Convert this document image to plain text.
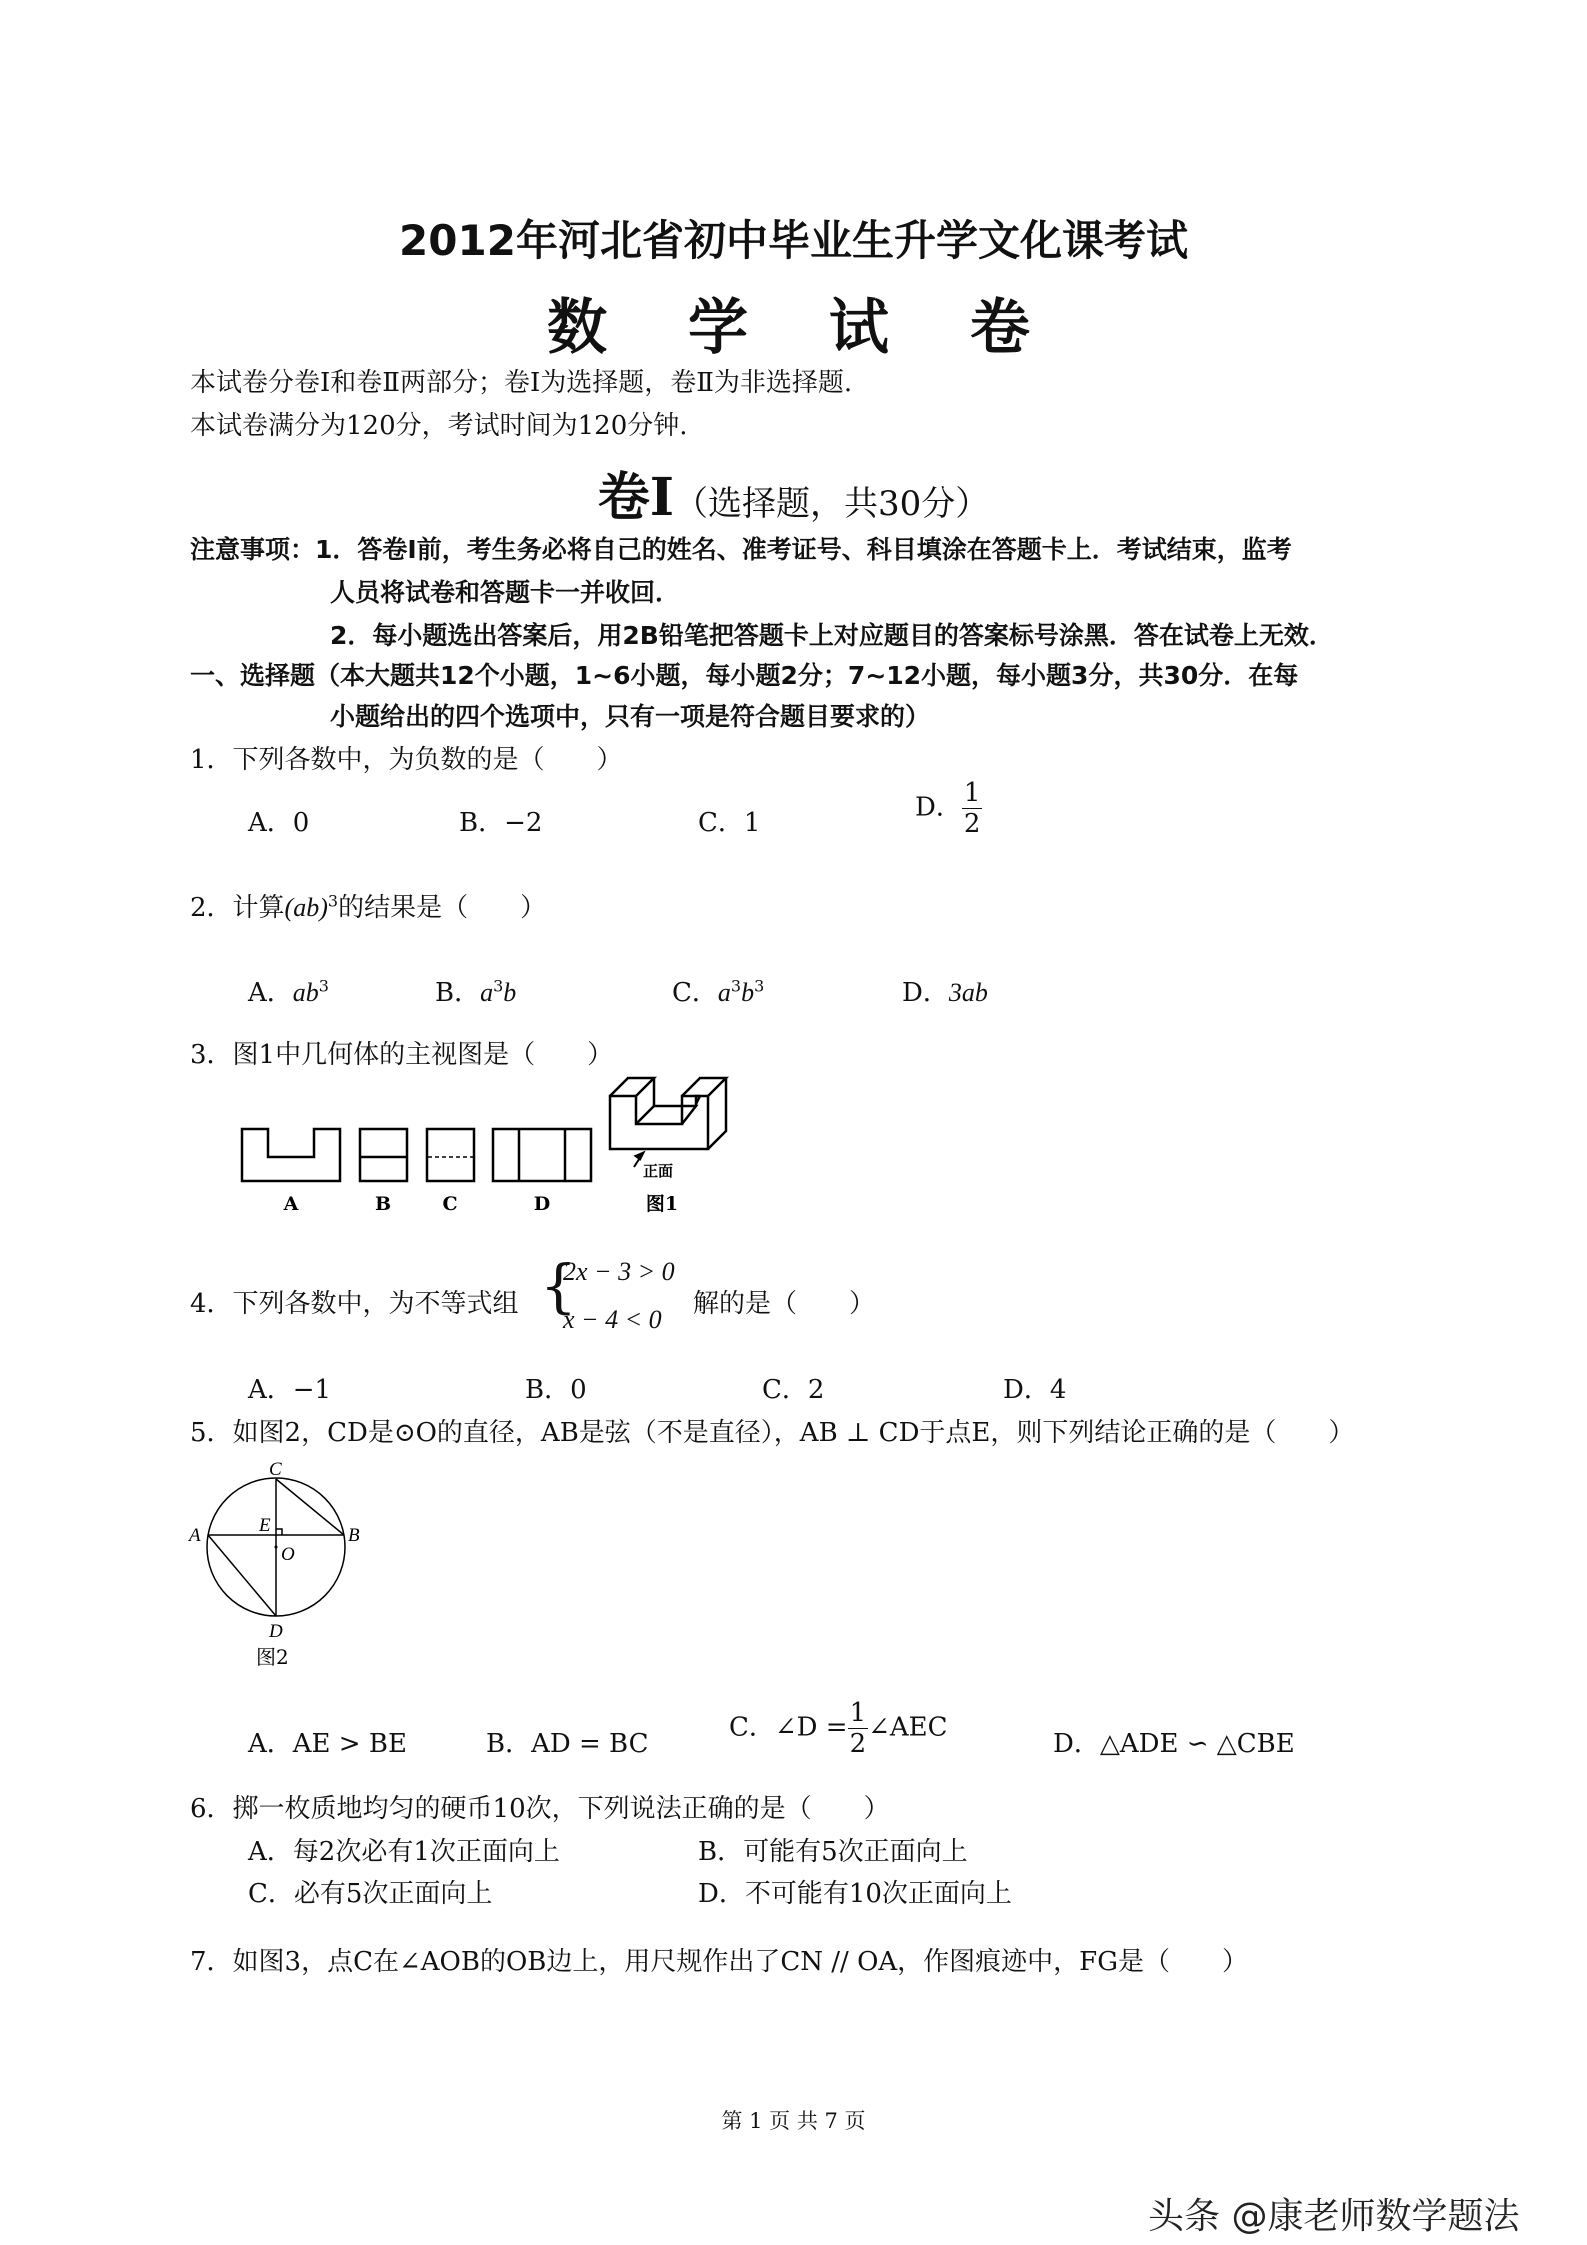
2012年河北省初中毕业生升学文化课考试
数 学 试 卷
本试卷分卷Ⅰ和卷Ⅱ两部分；卷Ⅰ为选择题，卷Ⅱ为非选择题.
本试卷满分为120分，考试时间为120分钟.
卷Ⅰ（选择题，共30分）
注意事项：1．答卷Ⅰ前，考生务必将自己的姓名、准考证号、科目填涂在答题卡上．考试结束，监考
人员将试卷和答题卡一并收回．
2．每小题选出答案后，用2B铅笔把答题卡上对应题目的答案标号涂黑．答在试卷上无效．
一、选择题（本大题共12个小题，1~6小题，每小题2分；7~12小题，每小题3分，共30分．在每
小题给出的四个选项中，只有一项是符合题目要求的）
1．下列各数中，为负数的是（　　）
A．0	B．−2	C．1
D． $\frac{1}{2}$
2．计算(ab)$^3$的结果是（　　）
A．$ab^3$	B．$a^3b$	C．$a^3b^3$	D．3ab
3．图1中几何体的主视图是（　　）
A	B	C	D
正面
图1
4．下列各数中，为不等式组 {
2x − 3 > 0
x − 4 < 0
解的是（　　）
A．−1	B．0	C．2	D．4
5．如图2，CD是⊙O的直径，AB是弦（不是直径），AB ⊥ CD于点E，则下列结论正确的是（　　）
C
A	E
O
B
D
图2
A．AE > BE	B．AD = BC
C．∠D = $\frac{1}{2}$ ∠AEC
D．△ADE ∽ △CBE
6．掷一枚质地均匀的硬币10次，下列说法正确的是（　　）
A．每2次必有1次正面向上	B．可能有5次正面向上
C．必有5次正面向上	D．不可能有10次正面向上
7．如图3，点C在∠AOB的OB边上，用尺规作出了CN // OA，作图痕迹中，FG是（　　）
第 1 页 共 7 页
头条 @康老师数学题法
